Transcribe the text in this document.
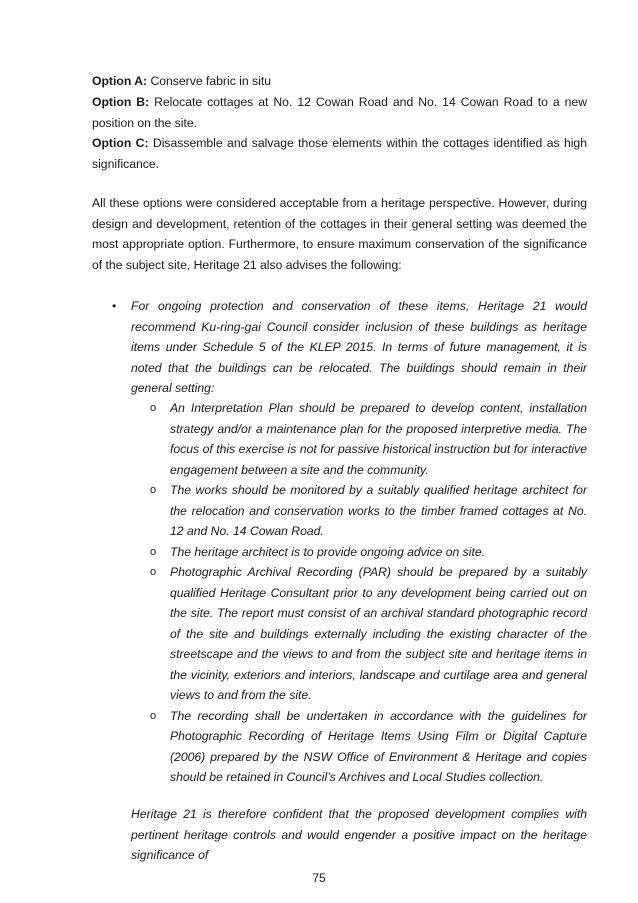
Option A: Conserve fabric in situ

Option B: Relocate cottages at No. 12 Cowan Road and No. 14 Cowan Road to a new position on the site.

Option C: Disassemble and salvage those elements within the cottages identified as high significance.

All these options were considered acceptable from a heritage perspective. However, during design and development, retention of the cottages in their general setting was deemed the most appropriate option. Furthermore, to ensure maximum conservation of the significance of the subject site, Heritage 21 also advises the following:

• For ongoing protection and conservation of these items, Heritage 21 would recommend Ku-ring-gai Council consider inclusion of these buildings as heritage items under Schedule 5 of the KLEP 2015. In terms of future management, it is noted that the buildings can be relocated. The buildings should remain in their general setting:
o An Interpretation Plan should be prepared to develop content, installation strategy and/or a maintenance plan for the proposed interpretive media. The focus of this exercise is not for passive historical instruction but for interactive engagement between a site and the community.
o The works should be monitored by a suitably qualified heritage architect for the relocation and conservation works to the timber framed cottages at No. 12 and No. 14 Cowan Road.
o The heritage architect is to provide ongoing advice on site.
o Photographic Archival Recording (PAR) should be prepared by a suitably qualified Heritage Consultant prior to any development being carried out on the site. The report must consist of an archival standard photographic record of the site and buildings externally including the existing character of the streetscape and the views to and from the subject site and heritage items in the vicinity, exteriors and interiors, landscape and curtilage area and general views to and from the site.
o The recording shall be undertaken in accordance with the guidelines for Photographic Recording of Heritage Items Using Film or Digital Capture (2006) prepared by the NSW Office of Environment & Heritage and copies should be retained in Council’s Archives and Local Studies collection.

Heritage 21 is therefore confident that the proposed development complies with pertinent heritage controls and would engender a positive impact on the heritage significance of

75
